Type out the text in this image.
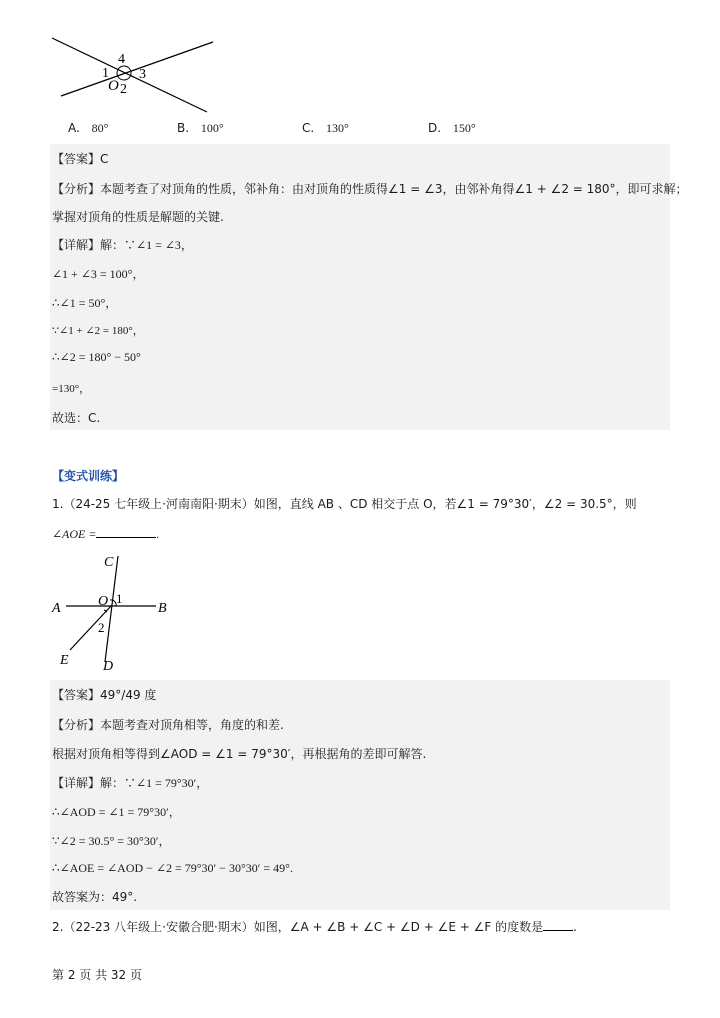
4
1 3
O 2
A. 80°	B. 100°	C. 130°	D. 150°
【答案】C
【分析】本题考查了对顶角的性质，邻补角：由对顶角的性质得∠1 = ∠3，由邻补角得∠1 + ∠2 = 180°，即可求解；
掌握对顶角的性质是解题的关键.
【详解】解：∵∠1 = ∠3，
∠1 + ∠3 = 100°，
∴∠1 = 50°，
∵∠1 + ∠2 = 180°，
∴∠2 = 180° − 50°
=130°，
故选：C.
【变式训练】
1.（24-25 七年级上·河南南阳·期末）如图，直线 AB 、CD 相交于点 O，若∠1 = 79°30′，∠2 = 30.5°，则
∠AOE =	.
C
A	O 1
B
2
E D
【答案】49°/49 度
【分析】本题考查对顶角相等，角度的和差.
根据对顶角相等得到∠AOD = ∠1 = 79°30′，再根据角的差即可解答.
【详解】解：∵∠1 = 79°30′，
∴∠AOD = ∠1 = 79°30′，
∵∠2 = 30.5° = 30°30′，
∴∠AOE = ∠AOD − ∠2 = 79°30′ − 30°30′ = 49°.
故答案为：49°.
2.（22-23 八年级上·安徽合肥·期末）如图，∠A + ∠B + ∠C + ∠D + ∠E + ∠F 的度数是	.
第 2 页 共 32 页
